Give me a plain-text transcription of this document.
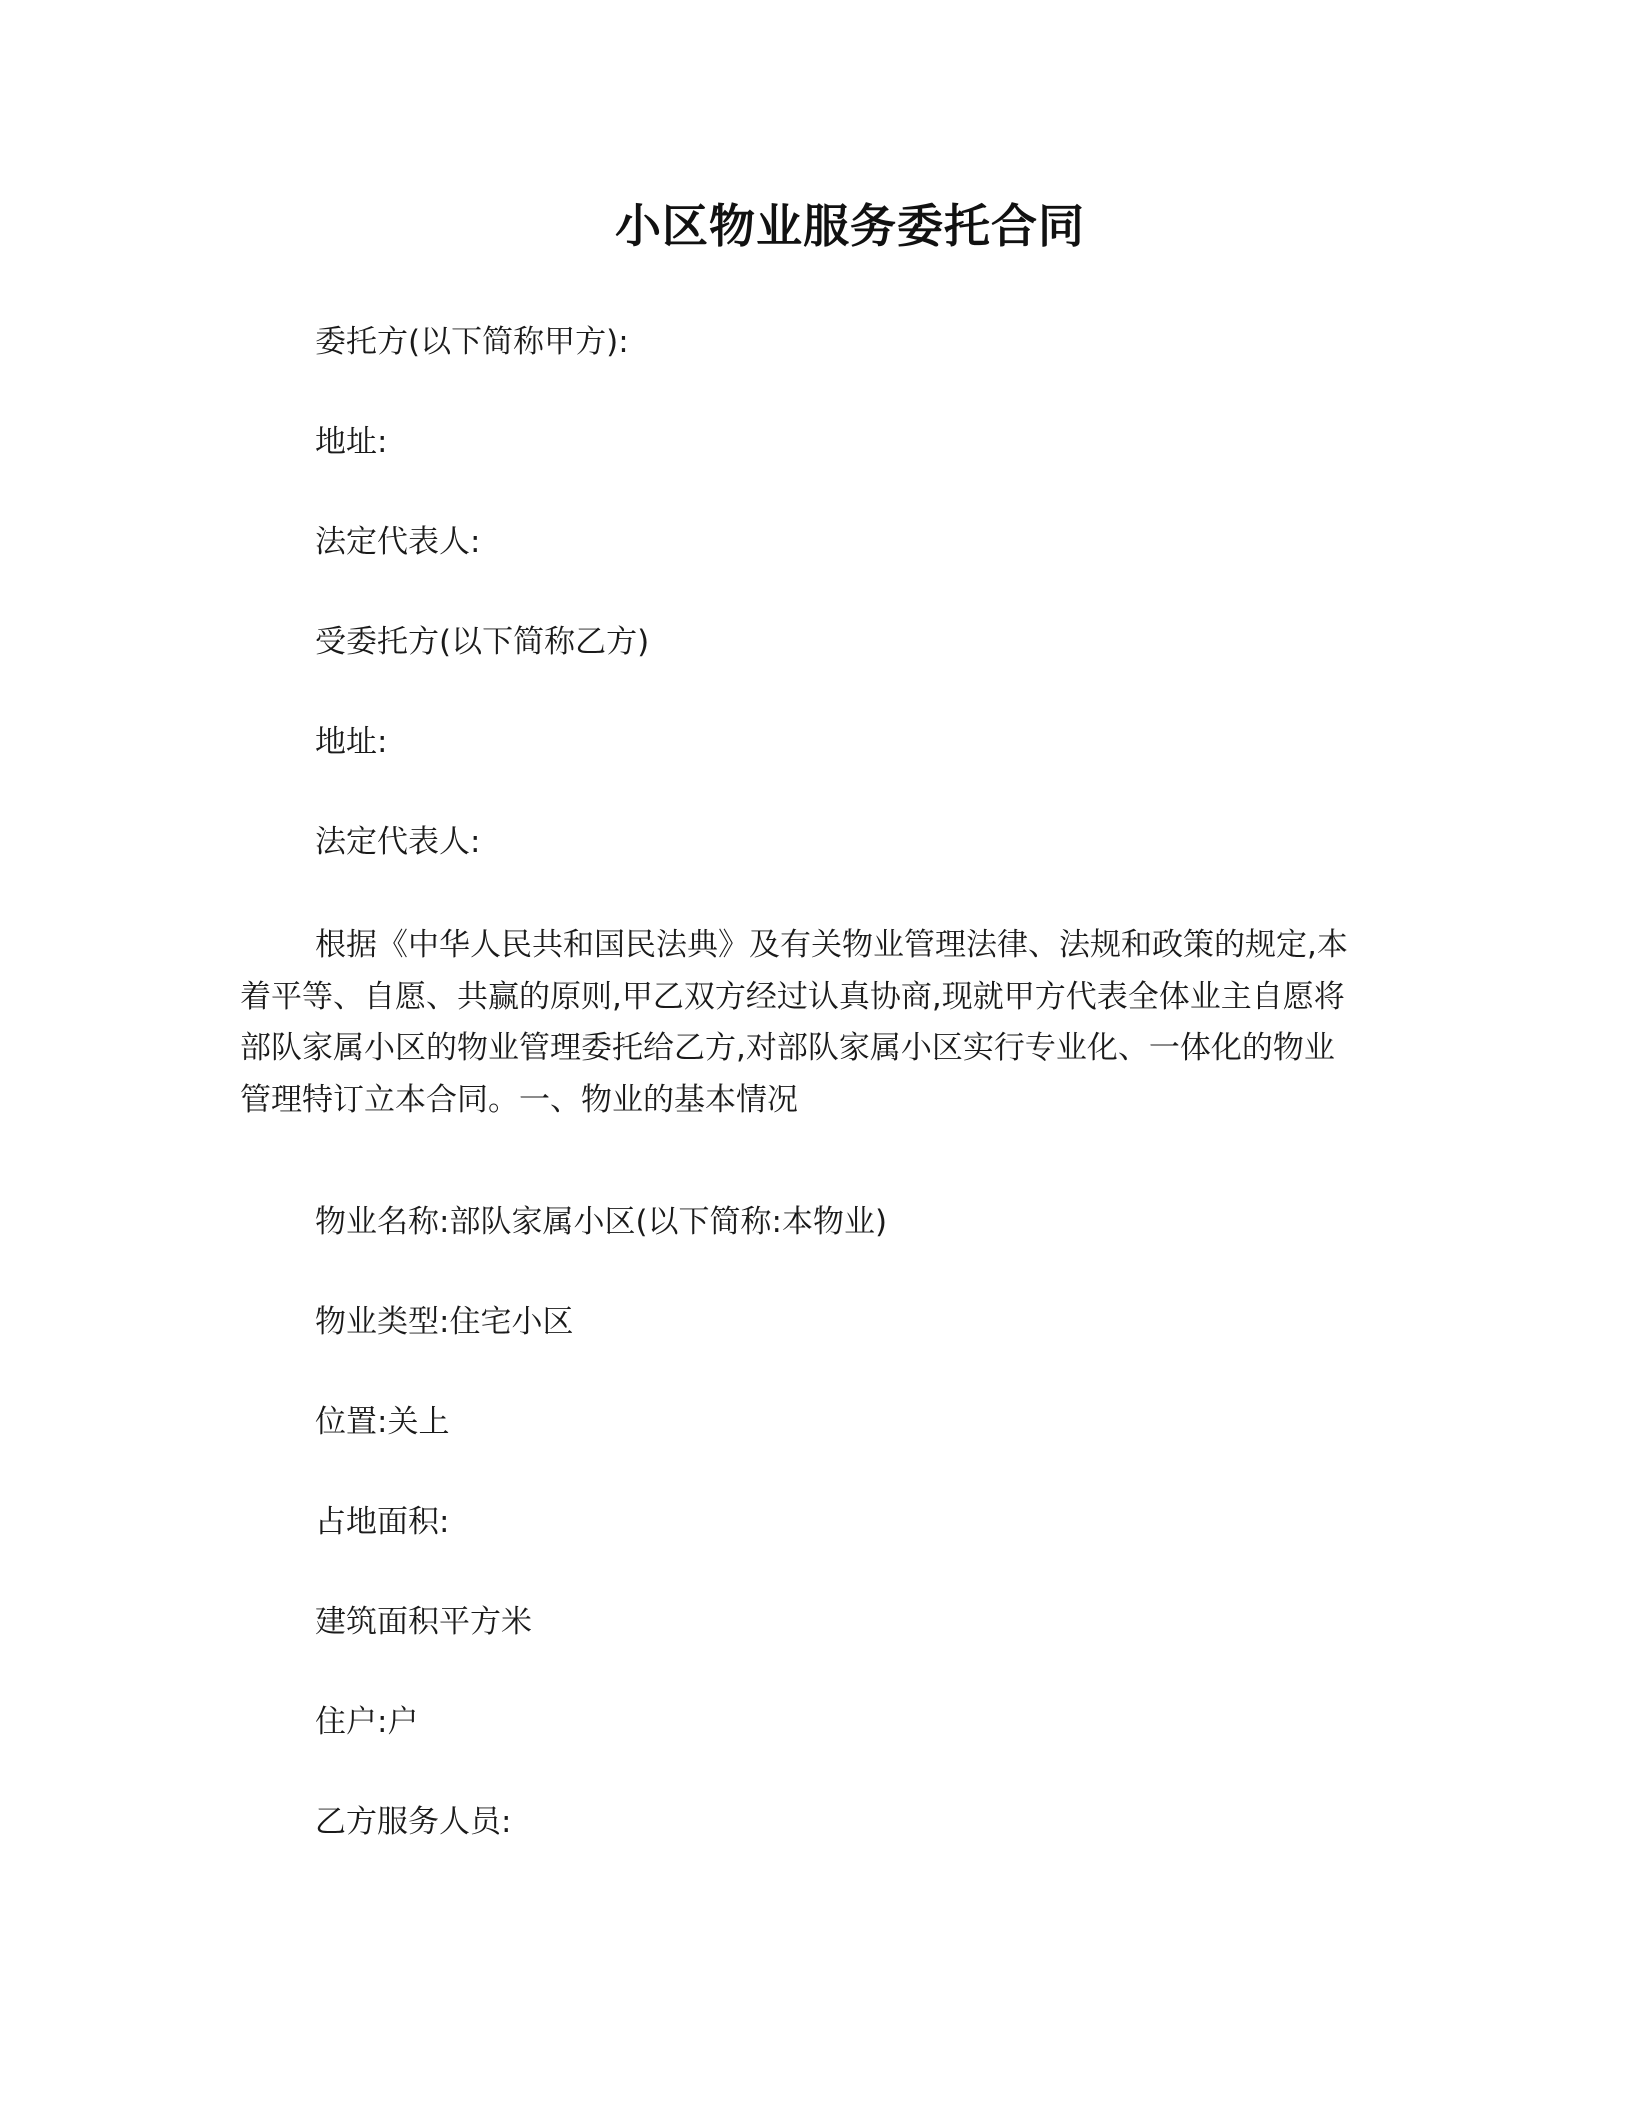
小区物业服务委托合同
委托方(以下简称甲方):
地址:
法定代表人:
受委托方(以下简称乙方)
地址:
法定代表人:

根据《中华人民共和国民法典》及有关物业管理法律、法规和政策的规定,本

着平等、自愿、共赢的原则,甲乙双方经过认真协商,现就甲方代表全体业主自愿将

部队家属小区的物业管理委托给乙方,对部队家属小区实行专业化、一体化的物业

管理特订立本合同。一、物业的基本情况

物业名称:部队家属小区(以下简称:本物业)
物业类型:住宅小区
位置:关上
占地面积:
建筑面积平方米
住户:户
乙方服务人员:
